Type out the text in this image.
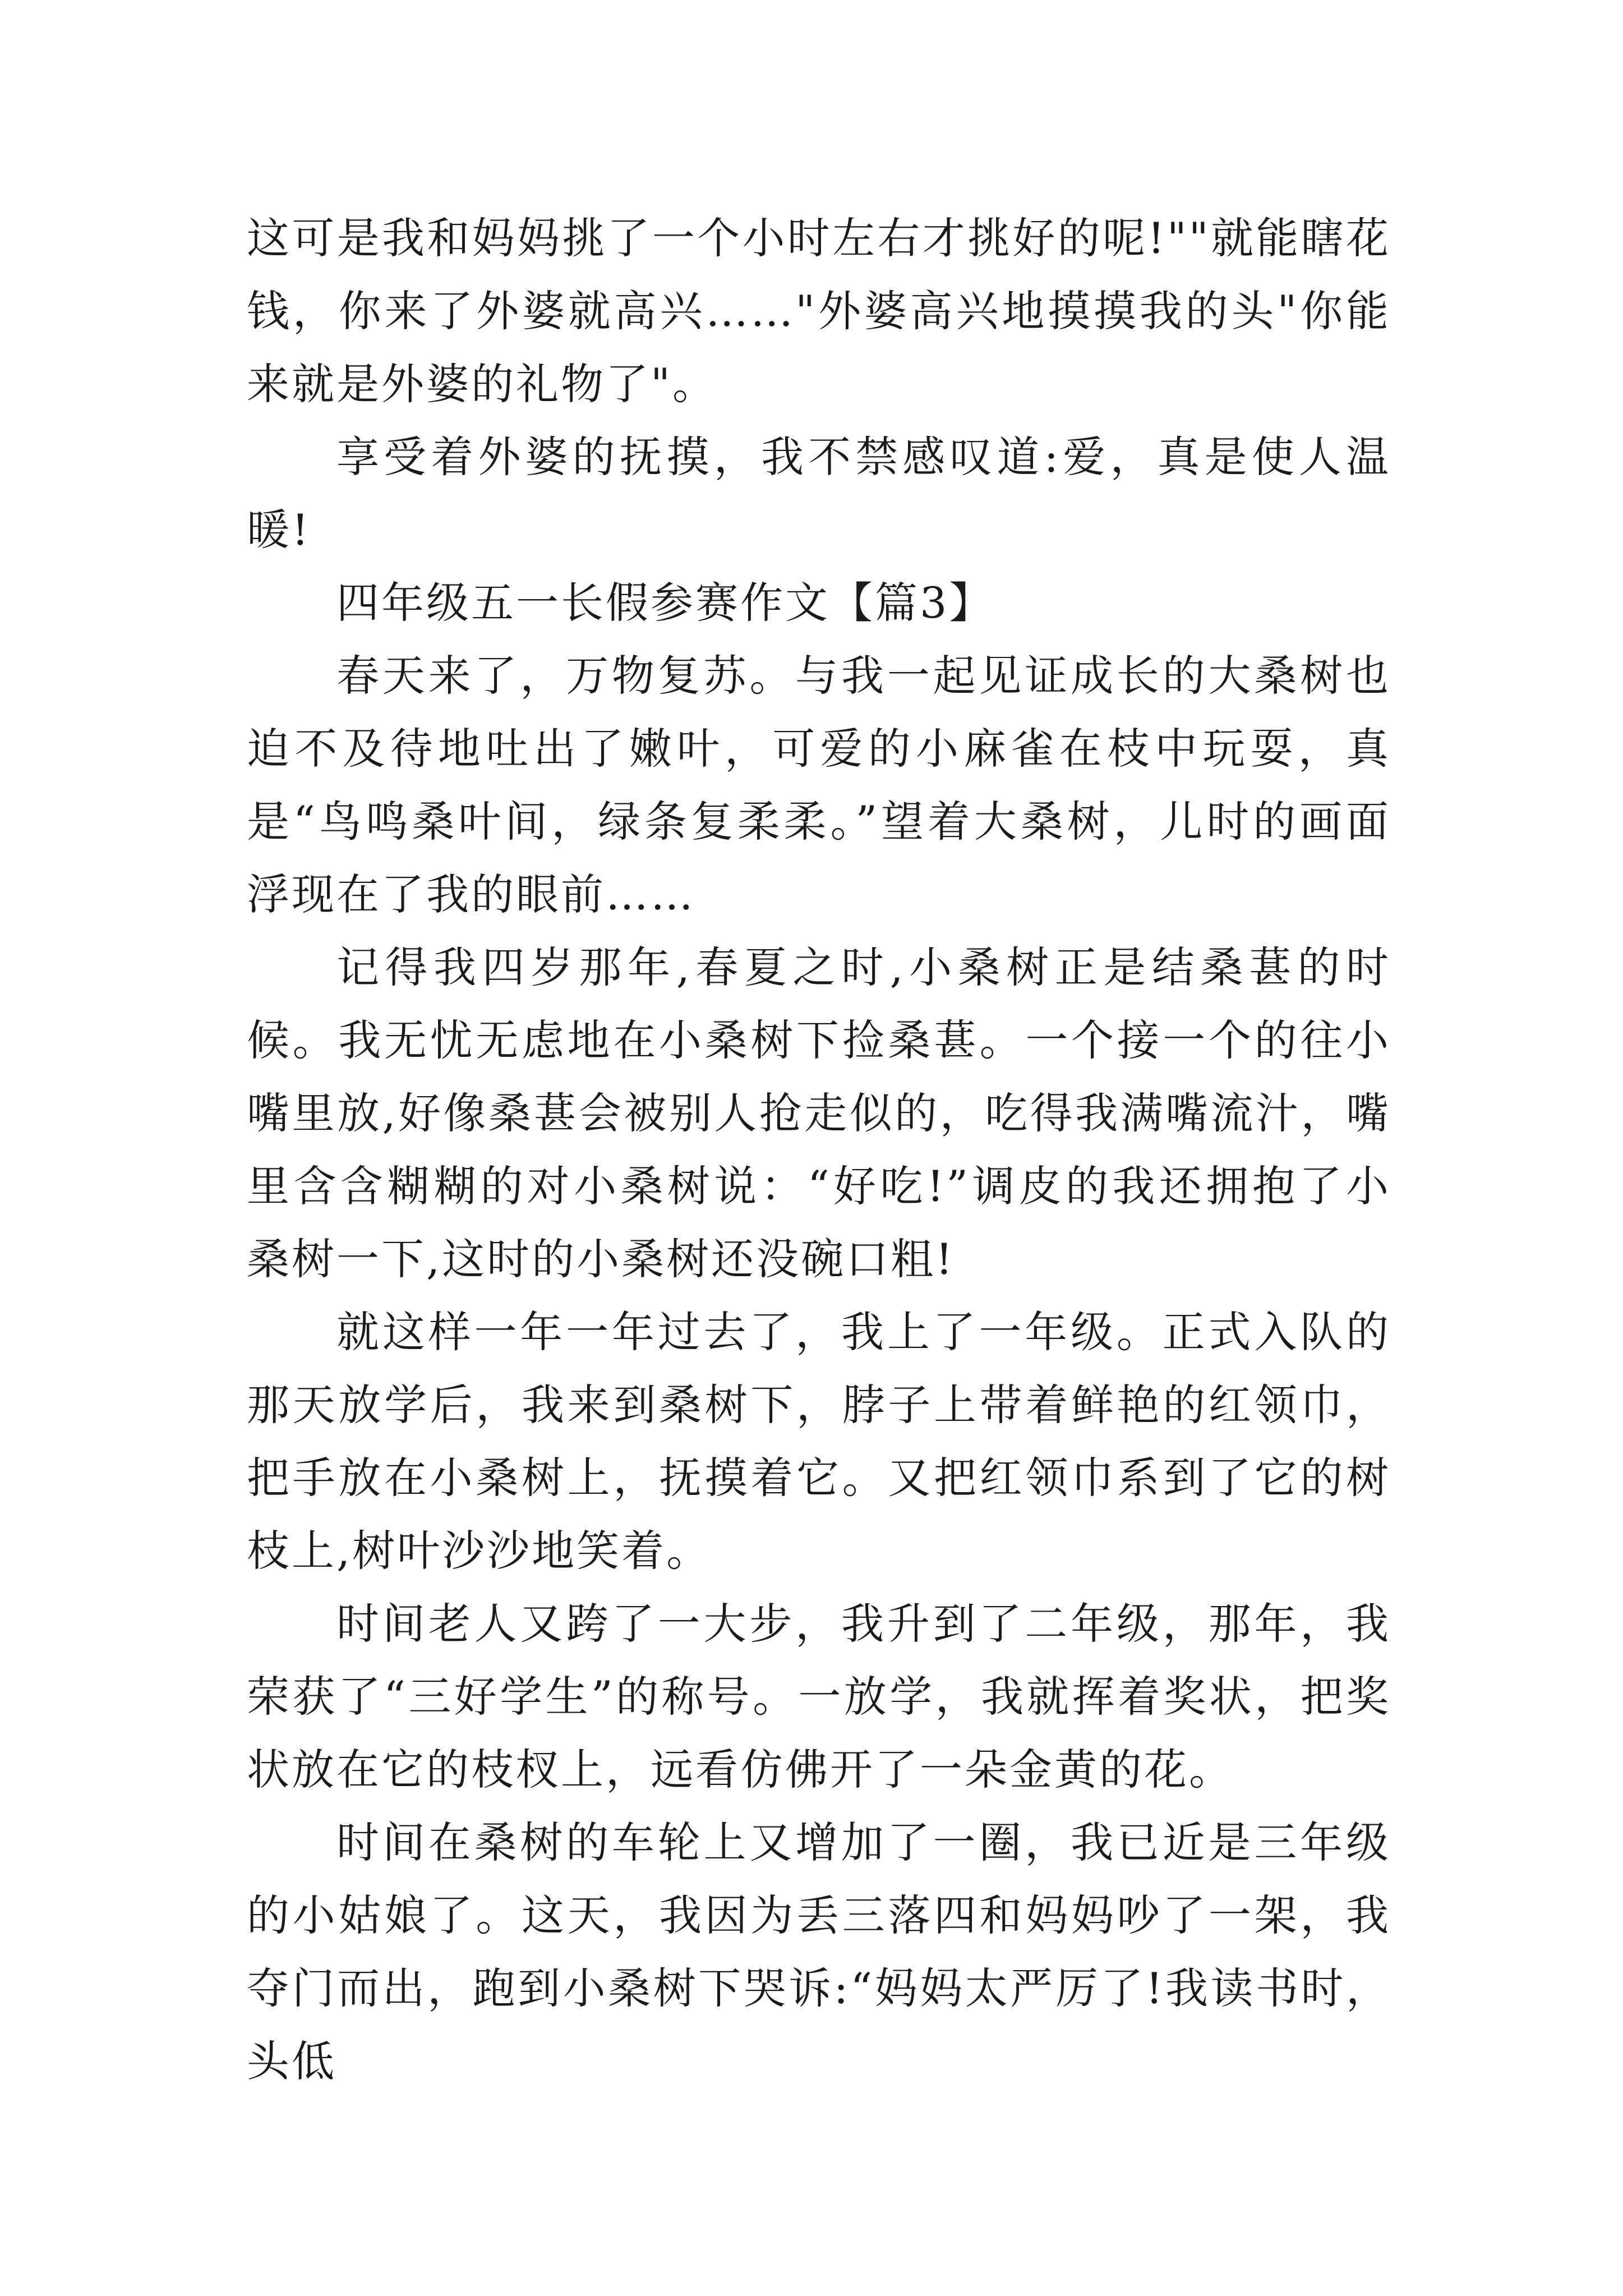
这可是我和妈妈挑了一个小时左右才挑好的呢!""就能瞎花钱，你来了外婆就高兴……"外婆高兴地摸摸我的头"你能来就是外婆的礼物了"。

享受着外婆的抚摸，我不禁感叹道:爱，真是使人温暖!

四年级五一长假参赛作文【篇3】

春天来了，万物复苏。与我一起见证成长的大桑树也迫不及待地吐出了嫩叶，可爱的小麻雀在枝中玩耍，真是“鸟鸣桑叶间，绿条复柔柔。”望着大桑树，儿时的画面浮现在了我的眼前……

记得我四岁那年,春夏之时,小桑树正是结桑葚的时候。我无忧无虑地在小桑树下捡桑葚。一个接一个的往小嘴里放,好像桑葚会被别人抢走似的，吃得我满嘴流汁，嘴里含含糊糊的对小桑树说：“好吃!”调皮的我还拥抱了小桑树一下,这时的小桑树还没碗口粗!

就这样一年一年过去了，我上了一年级。正式入队的那天放学后，我来到桑树下，脖子上带着鲜艳的红领巾，把手放在小桑树上，抚摸着它。又把红领巾系到了它的树枝上,树叶沙沙地笑着。

时间老人又跨了一大步，我升到了二年级，那年，我荣获了“三好学生”的称号。一放学，我就挥着奖状，把奖状放在它的枝杈上，远看仿佛开了一朵金黄的花。

时间在桑树的车轮上又增加了一圈，我已近是三年级的小姑娘了。这天，我因为丢三落四和妈妈吵了一架，我夺门而出，跑到小桑树下哭诉:“妈妈太严厉了!我读书时，头低
